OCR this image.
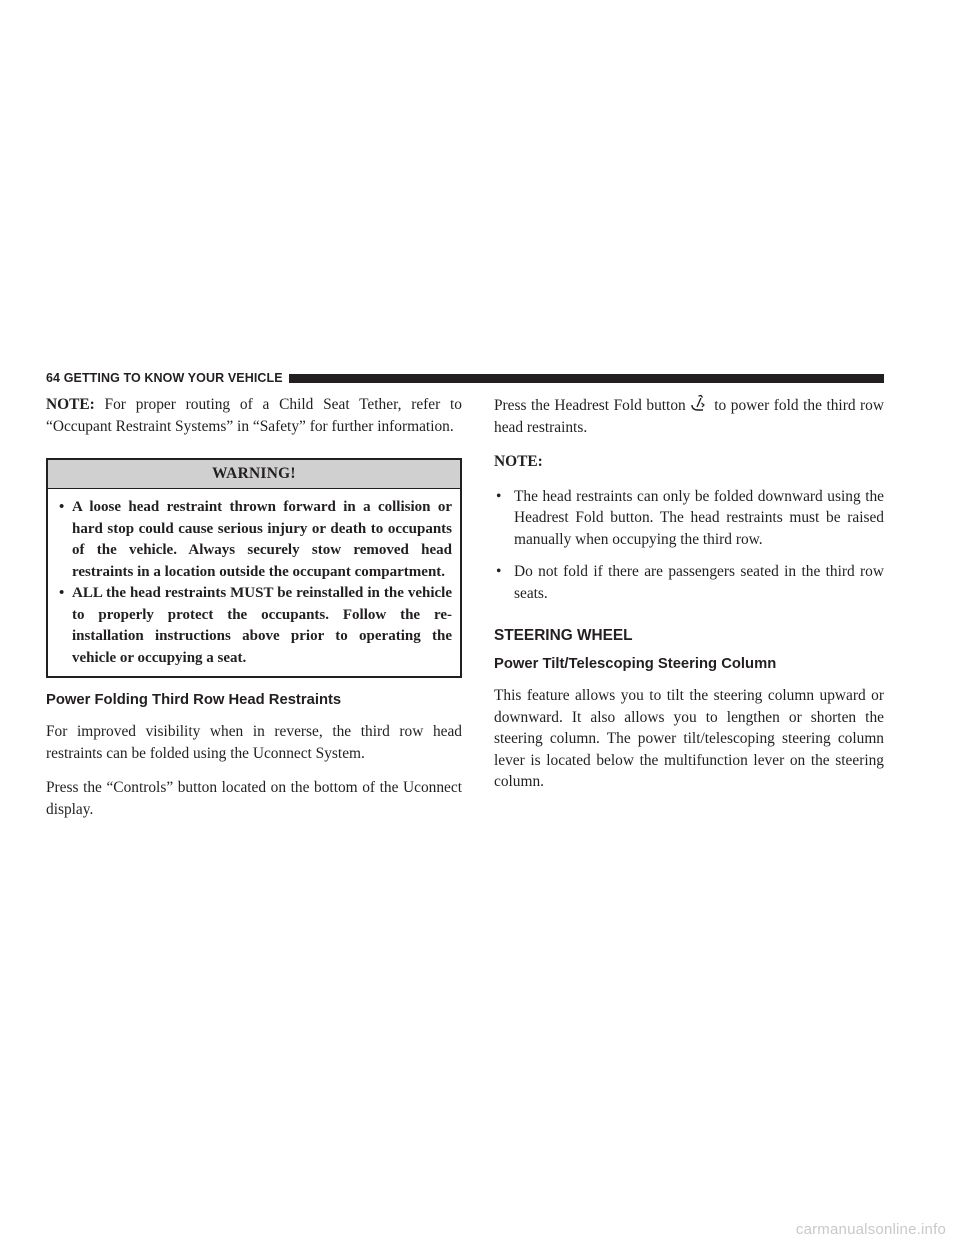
64 GETTING TO KNOW YOUR VEHICLE

NOTE: For proper routing of a Child Seat Tether, refer to “Occupant Restraint Systems” in “Safety” for further information.

WARNING!
• A loose head restraint thrown forward in a collision or hard stop could cause serious injury or death to occupants of the vehicle. Always securely stow removed head restraints in a location outside the occupant compartment.
• ALL the head restraints MUST be reinstalled in the vehicle to properly protect the occupants. Follow the re-installation instructions above prior to operating the vehicle or occupying a seat.
Power Folding Third Row Head Restraints

For improved visibility when in reverse, the third row head restraints can be folded using the Uconnect System.

Press the “Controls” button located on the bottom of the Uconnect display.

Press the Headrest Fold button to power fold the third row head restraints.

NOTE:

• The head restraints can only be folded downward using the Headrest Fold button. The head restraints must be raised manually when occupying the third row.
• Do not fold if there are passengers seated in the third row seats.
STEERING WHEEL
Power Tilt/Telescoping Steering Column

This feature allows you to tilt the steering column upward or downward. It also allows you to lengthen or shorten the steering column. The power tilt/telescoping steering column lever is located below the multifunction lever on the steering column.

carmanualsonline.info
